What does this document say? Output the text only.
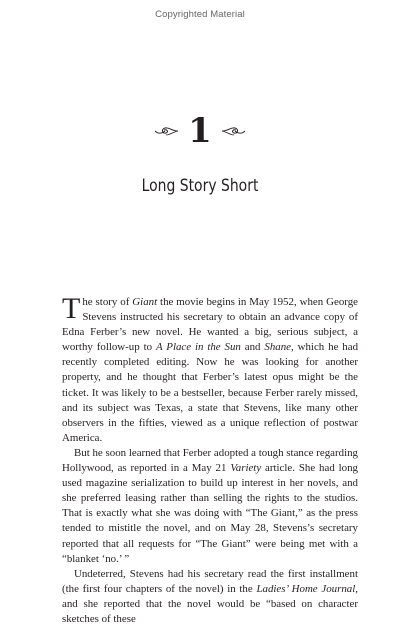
Copyrighted Material
1
Long Story Short

The story of Giant the movie begins in May 1952, when George Stevens instructed his secretary to obtain an advance copy of Edna Ferber’s new novel. He wanted a big, serious subject, a worthy follow-up to A Place in the Sun and Shane, which he had recently completed editing. Now he was looking for another property, and he thought that Ferber’s latest opus might be the ticket. It was likely to be a bestseller, because Ferber rarely missed, and its subject was Texas, a state that Stevens, like many other observers in the fifties, viewed as a unique reflection of postwar America.

But he soon learned that Ferber adopted a tough stance regarding Hollywood, as reported in a May 21 Variety article. She had long used magazine serialization to build up interest in her novels, and she preferred leasing rather than selling the rights to the studios. That is exactly what she was doing with “The Giant,” as the press tended to mistitle the novel, and on May 28, Stevens’s secretary reported that all requests for “The Giant” were being met with a “blanket ‘no.’ ”

Undeterred, Stevens had his secretary read the first installment (the first four chapters of the novel) in the Ladies’ Home Journal, and she reported that the novel would be “based on character sketches of these
